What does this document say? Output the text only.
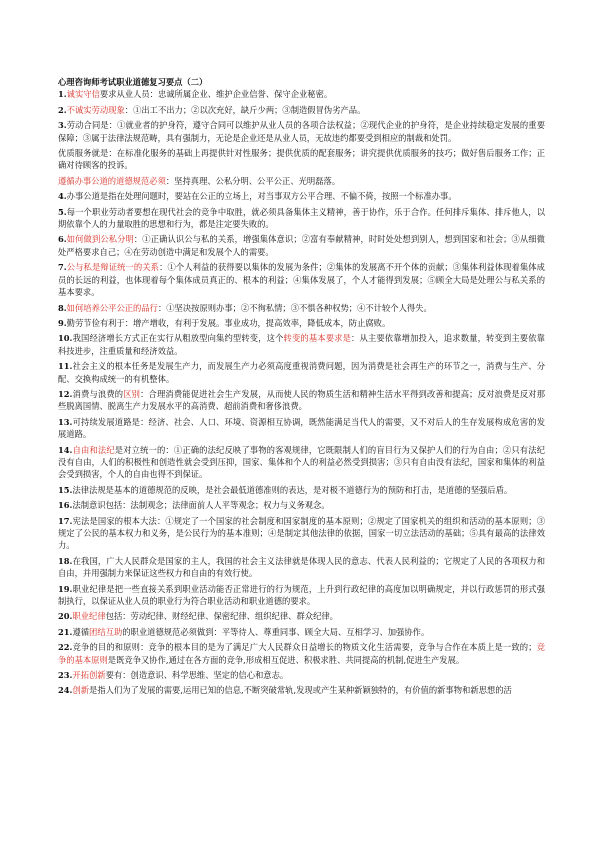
心理咨询师考试职业道德复习要点（二）
1.诚实守信要求从业人员：忠诚所属企业、维护企业信誉、保守企业秘密。
2.不诚实劳动现象：①出工不出力；②以次充好，缺斤少两；③制造假冒伪劣产品。
3.劳动合同是：①就业者的护身符，遵守合同可以维护从业人员的各项合法权益；②现代企业的护身符，是企业持续稳定发展的重要保障；③属于法律法规范畴，具有强制力，无论是企业还是从业人员，无故违约都要受到相应的制裁和处罚。
优质服务就是：在标准化服务的基础上再提供针对性服务；提供优质的配套服务；讲究提供优质服务的技巧；做好售后服务工作；正确对待顾客的投诉。
遵循办事公道的道德规范必须：坚持真理、公私分明、公平公正、光明磊落。
4.办事公道是指在处理问题时，要站在公正的立场上，对当事双方公平合理、不偏不倚，按照一个标准办事。
5.每一个职业劳动者要想在现代社会的竞争中取胜，就必须具备集体主义精神，善于协作，乐于合作。任何排斥集体、排斥他人，以期依靠个人的力量取胜的思想和行为，都是注定要失败的。
6.如何做到公私分明：①正确认识公与私的关系，增强集体意识；②富有奉献精神，时时处处想到别人，想到国家和社会；③从细微处严格要求自己；④在劳动创造中满足和发展个人的需要。
7.公与私是辩证统一的关系：①个人利益的获得要以集体的发展为条件；②集体的发展离不开个体的贡献；③集体利益体现着集体成员的长远的利益，也体现着每个集体成员真正的、根本的利益；④集体发展了，个人才能得到发展；⑤顾全大局是处理公与私关系的基本要求。
8.如何培养公平公正的品行：①坚决按原则办事；②不徇私情；③不惧各种权势；④不计较个人得失。
9.勤劳节俭有利于：增产增收，有利于发展。事业成功，提高效率，降低成本，防止腐败。
10.我国经济增长方式正在实行从粗放型向集约型转变，这个转变的基本要求是：从主要依靠增加投入，追求数量，转变到主要依靠科技进步，注重质量和经济效益。
11.社会主义的根本任务是发展生产力，而发展生产力必须高度重视消费问题，因为消费是社会再生产的环节之一，消费与生产、分配、交换构成统一的有机整体。
12.消费与浪费的区别：合理消费能促进社会生产发展，从而使人民的物质生活和精神生活水平得到改善和提高；反对浪费是反对那些脱离国情、脱离生产力发展水平的高消费、超前消费和奢侈浪费。
13.可持续发展道路是：经济、社会、人口、环境、资源相互协调，既然能满足当代人的需要，又不对后人的生存发展构成危害的发展道路。
14.自由和法纪是对立统一的：①正确的法纪反映了事物的客观规律，它既限制人们的盲目行为又保护人们的行为自由；②只有法纪没有自由，人们的积极性和创造性就会受到压抑，国家、集体和个人的利益必然受到损害；③只有自由没有法纪，国家和集体的利益会受到损害，个人的自由也得不到保证。
15.法律法规是基本的道德规范的反映，是社会最低道德准则的表达，是对极不道德行为的预防和打击，是道德的坚强后盾。
16.法制意识包括：法制观念；法律面前人人平等观念；权力与义务观念。
17.宪法是国家的根本大法：①规定了一个国家的社会制度和国家制度的基本原则；②规定了国家机关的组织和活动的基本原则；③规定了公民的基本权力和义务，是公民行为的基本准则；④是制定其他法律的依据，国家一切立法活动的基础；⑤具有最高的法律效力。
18.在我国，广大人民群众是国家的主人，我国的社会主义法律就是体现人民的意志、代表人民利益的；它规定了人民的各项权力和自由，并用强制力来保证这些权力和自由的有效行使。
19.职业纪律是把一些直接关系到职业活动能否正常进行的行为规范，上升到行政纪律的高度加以明确规定，并以行政惩罚的形式强制执行，以保证从业人员的职业行为符合职业活动和职业道德的要求。
20.职业纪律包括：劳动纪律、财经纪律、保密纪律、组织纪律、群众纪律。
21.遵循团结互助的职业道德规范必须做到：平等待人、尊重同事、顾全大局、互相学习、加强协作。
22.竞争的目的和原则：竞争的根本目的是为了满足广大人民群众日益增长的物质文化生活需要，竞争与合作在本质上是一致的；竞争的基本原则是既竞争又协作,通过在各方面的竞争,形成相互促进、积极求胜、共同提高的机制,促进生产发展。
23.开拓创新要有：创造意识、科学思维、坚定的信心和意志。
24.创新是指人们为了发展的需要,运用已知的信息,不断突破常轨,发现或产生某种新颖独特的，有价值的新事物和新思想的活
